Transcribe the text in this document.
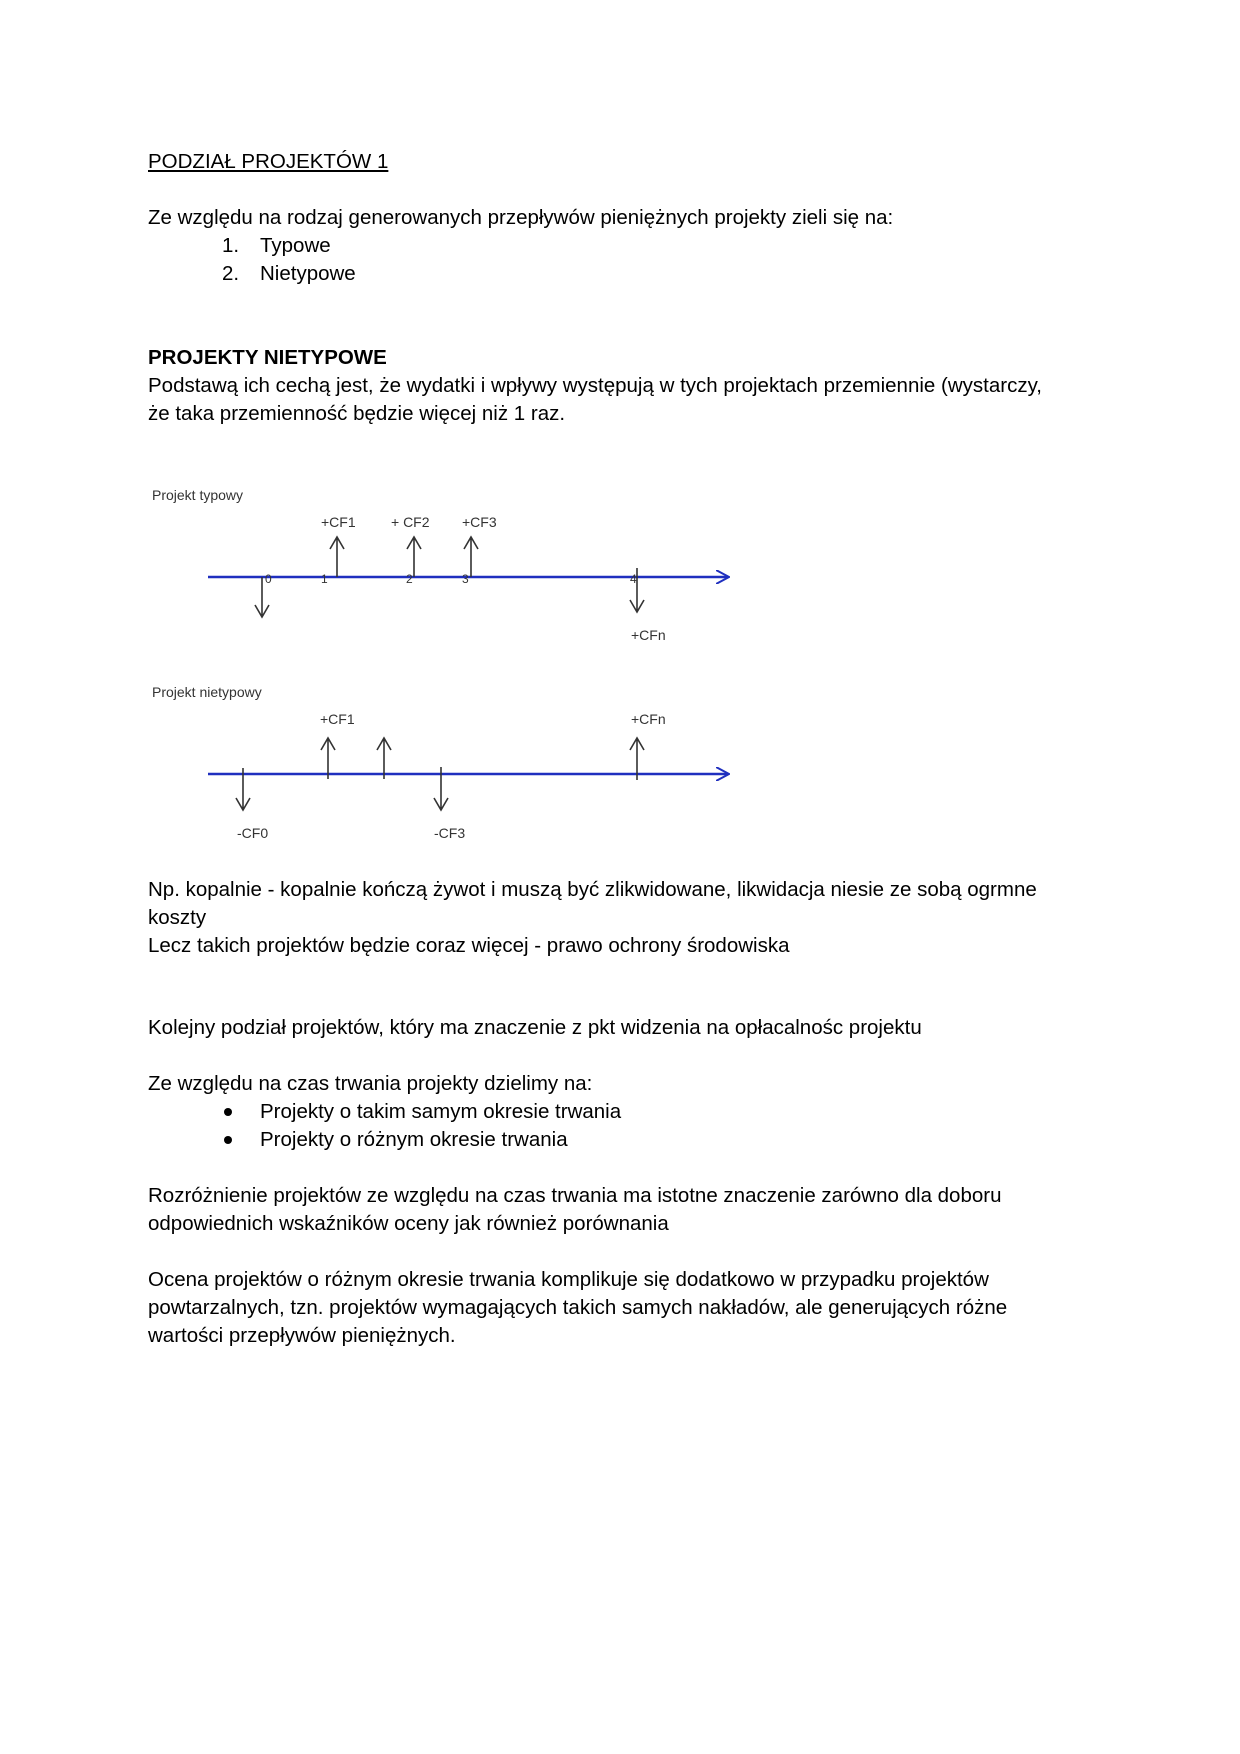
PODZIAŁ PROJEKTÓW 1

Ze względu na rodzaj generowanych przepływów pieniężnych projekty zieli się na:

1. Typowe
2. Nietypowe

PROJEKTY NIETYPOWE

Podstawą ich cechą jest, że wydatki i wpływy występują w tych projektach przemiennie (wystarczy,

że taka przemienność będzie więcej niż 1 raz.

Projekt typowy
0	1	2	3	4
+CF1	+ CF2 +CF3
+CFn
Projekt nietypowy
+CF1	+CFn
-CF0	-CF3

Np. kopalnie - kopalnie kończą żywot i muszą być zlikwidowane, likwidacja niesie ze sobą ogrmne

koszty

Lecz takich projektów będzie coraz więcej - prawo ochrony środowiska

Kolejny podział projektów, który ma znaczenie z pkt widzenia na opłacalnośc projektu

Ze względu na czas trwania projekty dzielimy na:

Projekty o takim samym okresie trwania
Projekty o różnym okresie trwania

Rozróżnienie projektów ze względu na czas trwania ma istotne znaczenie zarówno dla doboru

odpowiednich wskaźników oceny jak również porównania

Ocena projektów o różnym okresie trwania komplikuje się dodatkowo w przypadku projektów

powtarzalnych, tzn. projektów wymagających takich samych nakładów, ale generujących różne

wartości przepływów pieniężnych.
